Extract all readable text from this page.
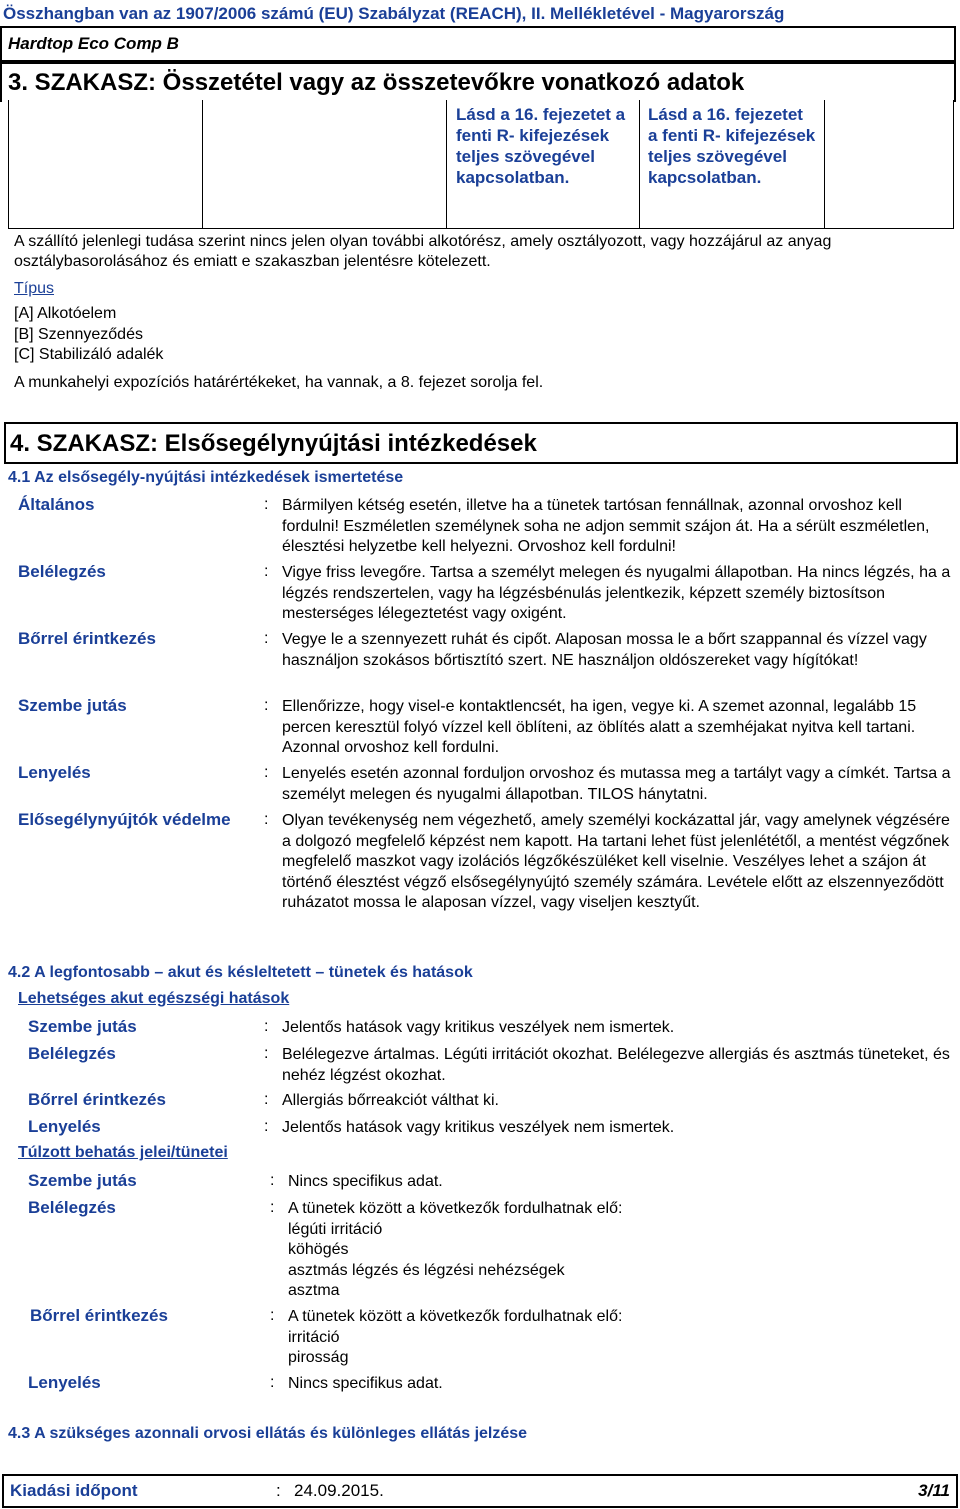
Összhangban van az 1907/2006 számú (EU) Szabályzat (REACH), II. Mellékletével - Magyarország
Hardtop Eco Comp B
3. SZAKASZ: Összetétel vagy az összetevőkre vonatkozó adatok
Lásd a 16. fejezetet a fenti R- kifejezések teljes szövegével kapcsolatban.
Lásd a 16. fejezetet a fenti R- kifejezések teljes szövegével kapcsolatban.
A szállító jelenlegi tudása szerint nincs jelen olyan további alkotórész, amely osztályozott, vagy hozzájárul az anyag osztálybasorolásához és emiatt e szakaszban jelentésre kötelezett.
Típus
[A] Alkotóelem
[B] Szennyeződés
[C] Stabilizáló adalék
A munkahelyi expozíciós határértékeket, ha vannak, a 8. fejezet sorolja fel.
4. SZAKASZ: Elsősegélynyújtási intézkedések
4.1 Az elsősegély-nyújtási intézkedések ismertetése
Általános	: Bármilyen kétség esetén, illetve ha a tünetek tartósan fennállnak, azonnal orvoshoz kell fordulni! Eszméletlen személynek soha ne adjon semmit szájon át. Ha a sérült eszméletlen, élesztési helyzetbe kell helyezni. Orvoshoz kell fordulni!
Belélegzés	: Vigye friss levegőre. Tartsa a személyt melegen és nyugalmi állapotban. Ha nincs légzés, ha a légzés rendszertelen, vagy ha légzésbénulás jelentkezik, képzett személy biztosítson mesterséges lélegeztetést vagy oxigént.
Bőrrel érintkezés	: Vegye le a szennyezett ruhát és cipőt. Alaposan mossa le a bőrt szappannal és vízzel vagy használjon szokásos bőrtisztító szert. NE használjon oldószereket vagy hígítókat!
Szembe jutás	: Ellenőrizze, hogy visel-e kontaktlencsét, ha igen, vegye ki. A szemet azonnal, legalább 15 percen keresztül folyó vízzel kell öblíteni, az öblítés alatt a szemhéjakat nyitva kell tartani. Azonnal orvoshoz kell fordulni.
Lenyelés	: Lenyelés esetén azonnal forduljon orvoshoz és mutassa meg a tartályt vagy a címkét. Tartsa a személyt melegen és nyugalmi állapotban. TILOS hánytatni.
Elősegélynyújtók védelme : Olyan tevékenység nem végezhető, amely személyi kockázattal jár, vagy amelynek végzésére a dolgozó megfelelő képzést nem kapott. Ha tartani lehet füst jelenlététől, a mentést végzőnek megfelelő maszkot vagy izolációs légzőkészüléket kell viselnie. Veszélyes lehet a szájon át történő élesztést végző elsősegélynyújtó személy számára. Levétele előtt az elszennyeződött ruházatot mossa le alaposan vízzel, vagy viseljen kesztyűt.
4.2 A legfontosabb – akut és késleltetett – tünetek és hatások
Lehetséges akut egészségi hatások
Szembe jutás	: Jelentős hatások vagy kritikus veszélyek nem ismertek.
Belélegzés	: Belélegezve ártalmas. Légúti irritációt okozhat. Belélegezve allergiás és asztmás tüneteket, és nehéz légzést okozhat.
Bőrrel érintkezés	: Allergiás bőrreakciót válthat ki.
Lenyelés	: Jelentős hatások vagy kritikus veszélyek nem ismertek.
Túlzott behatás jelei/tünetei
Szembe jutás	: Nincs specifikus adat.
Belélegzés	: A tünetek között a következők fordulhatnak elő:
légúti irritáció
köhögés
asztmás légzés és légzési nehézségek
asztma
Bőrrel érintkezés	: A tünetek között a következők fordulhatnak elő:
irritáció
pirosság
Lenyelés	: Nincs specifikus adat.
4.3 A szükséges azonnali orvosi ellátás és különleges ellátás jelzése
Kiadási időpont	: 24.09.2015.	3/11
